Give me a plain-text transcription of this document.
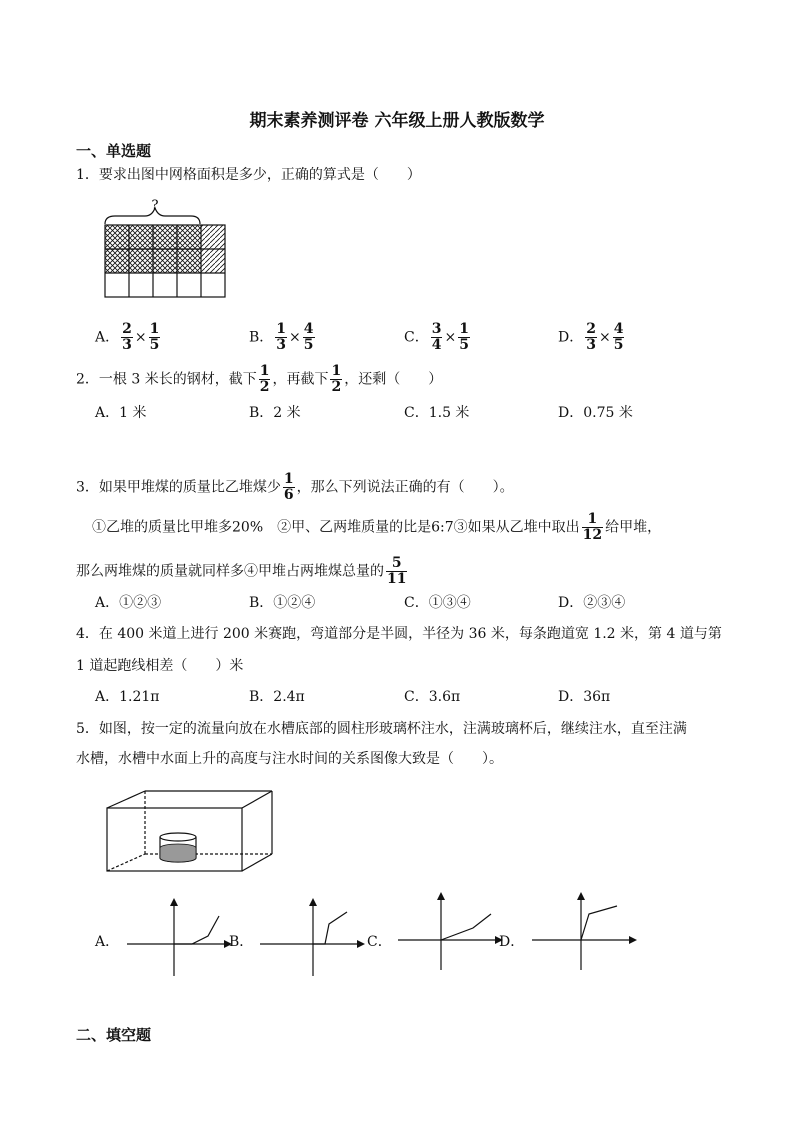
期末素养测评卷 六年级上册人教版数学
一、单选题
1．要求出图中网格面积是多少，正确的算式是（　　）
?
A． $\frac{2}{3} \times \frac{1}{5}$	B． $\frac{1}{3} \times \frac{4}{5}$	C． $\frac{3}{4} \times \frac{1}{5}$	D． $\frac{2}{3} \times \frac{4}{5}$
2．一根 3 米长的钢材，截下 $\frac{1}{2}$ ，再截下 $\frac{1}{2}$ ，还剩（　　）
A．1 米	B．2 米	C．1.5 米	D．0.75 米
3．如果甲堆煤的质量比乙堆煤少 $\frac{1}{6}$ ，那么下列说法正确的有（　　）。
①乙堆的质量比甲堆多20%　②甲、乙两堆质量的比是6:7③如果从乙堆中取出 $\frac{1}{12}$ 给甲堆，
那么两堆煤的质量就同样多④甲堆占两堆煤总量的 $\frac{5}{11}$
A．①②③	B．①②④	C．①③④	D．②③④
4．在 400 米道上进行 200 米赛跑，弯道部分是半圆，半径为 36 米，每条跑道宽 1.2 米，第 4 道与第
1 道起跑线相差（　　）米
A．1.21π	B．2.4π	C．3.6π	D．36π
5．如图，按一定的流量向放在水槽底部的圆柱形玻璃杯注水，注满玻璃杯后，继续注水，直至注满
水槽，水槽中水面上升的高度与注水时间的关系图像大致是（　　）。
A．	B．	C．	D．
二、填空题
